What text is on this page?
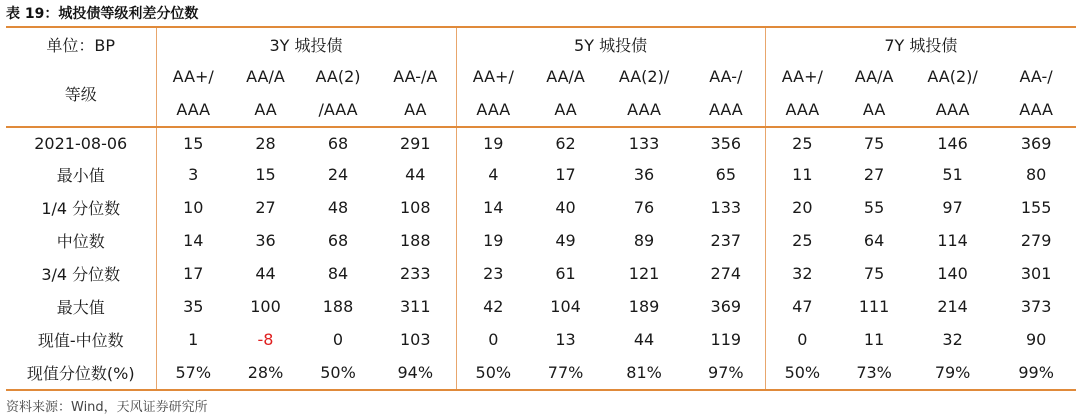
表 19：城投债等级利差分位数
单位：BP	3Y 城投债				5Y 城投债				7Y 城投债			
等级	AA+/	AA/A	AA(2)	AA-/A	AA+/	AA/A	AA(2)/	AA-/	AA+/	AA/A	AA(2)/	AA-/
	AAA	AA	/AAA	AA	AAA	AA	AAA	AAA	AAA	AA	AAA	AAA
2021-08-06	15	28	68	291	19	62	133	356	25	75	146	369
最小值	3	15	24	44	4	17	36	65	11	27	51	80
1/4 分位数	10	27	48	108	14	40	76	133	20	55	97	155
中位数	14	36	68	188	19	49	89	237	25	64	114	279
3/4 分位数	17	44	84	233	23	61	121	274	32	75	140	301
最大值	35	100	188	311	42	104	189	369	47	111	214	373
现值-中位数	1	-8	0	103	0	13	44	119	0	11	32	90
现值分位数(%)	57%	28%	50%	94%	50%	77%	81%	97%	50%	73%	79%	99%
资料来源：Wind，天风证券研究所
